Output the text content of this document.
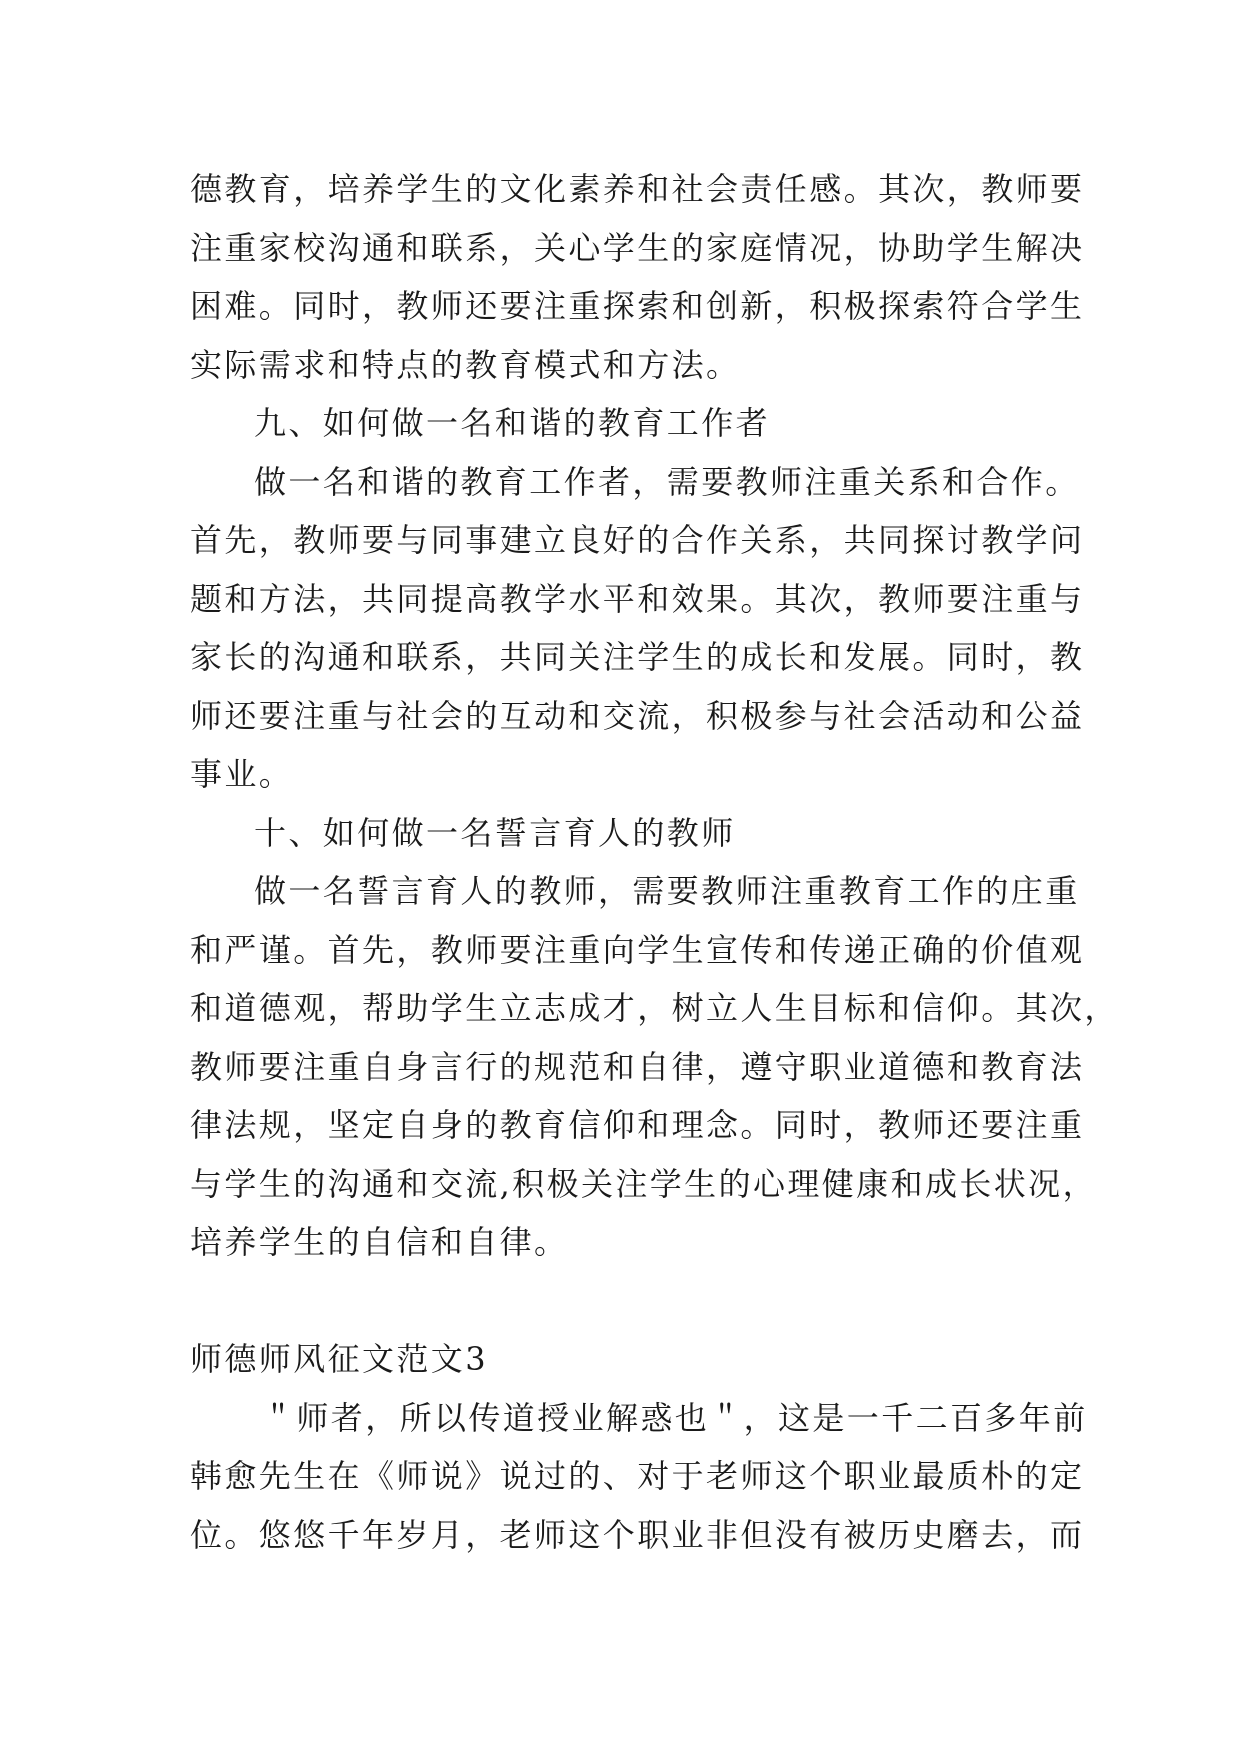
德教育，培养学生的文化素养和社会责任感。其次，教师要
注重家校沟通和联系，关心学生的家庭情况，协助学生解决
困难。同时，教师还要注重探索和创新，积极探索符合学生
实际需求和特点的教育模式和方法。
九、如何做一名和谐的教育工作者
做一名和谐的教育工作者，需要教师注重关系和合作。
首先，教师要与同事建立良好的合作关系，共同探讨教学问
题和方法，共同提高教学水平和效果。其次，教师要注重与
家长的沟通和联系，共同关注学生的成长和发展。同时，教
师还要注重与社会的互动和交流，积极参与社会活动和公益
事业。
十、如何做一名誓言育人的教师
做一名誓言育人的教师，需要教师注重教育工作的庄重
和严谨。首先，教师要注重向学生宣传和传递正确的价值观
和道德观，帮助学生立志成才，树立人生目标和信仰。其次，
教师要注重自身言行的规范和自律，遵守职业道德和教育法
律法规，坚定自身的教育信仰和理念。同时，教师还要注重
与学生的沟通和交流,积极关注学生的心理健康和成长状况，
培养学生的自信和自律。
师德师风征文范文3
＂师者，所以传道授业解惑也＂，这是一千二百多年前
韩愈先生在《师说》说过的、对于老师这个职业最质朴的定
位。悠悠千年岁月，老师这个职业非但没有被历史磨去，而
